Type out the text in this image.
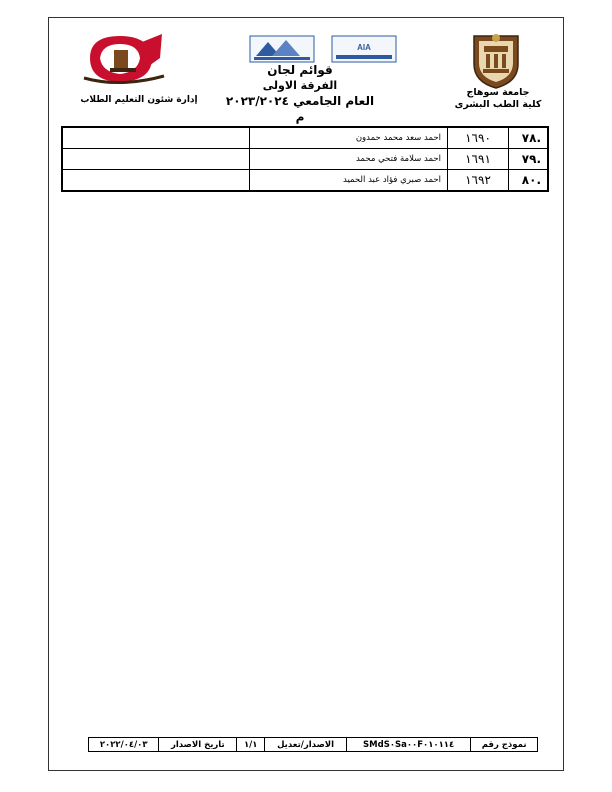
AIA
جامعة سوهاج
كلية الطب البشرى
إدارة شئون التعليم الطلاب
قوائم لجان
الفرقة الاولى
العام الجامعي ٢٠٢٣/٢٠٢٤ م
.٧٨	١٦٩٠	احمد سعد محمد حمدون	
.٧٩	١٦٩١	احمد سلامة فتحي محمد	
.٨٠	١٦٩٢	احمد صبري فؤاد عبد الحميد	
نموذج رقم	SMdS٠Sa٠٠F٠١٠١١٤	الاصدار/تعديل	١/١	تاريخ الاصدار	٢٠٢٢/٠٤/٠٣
